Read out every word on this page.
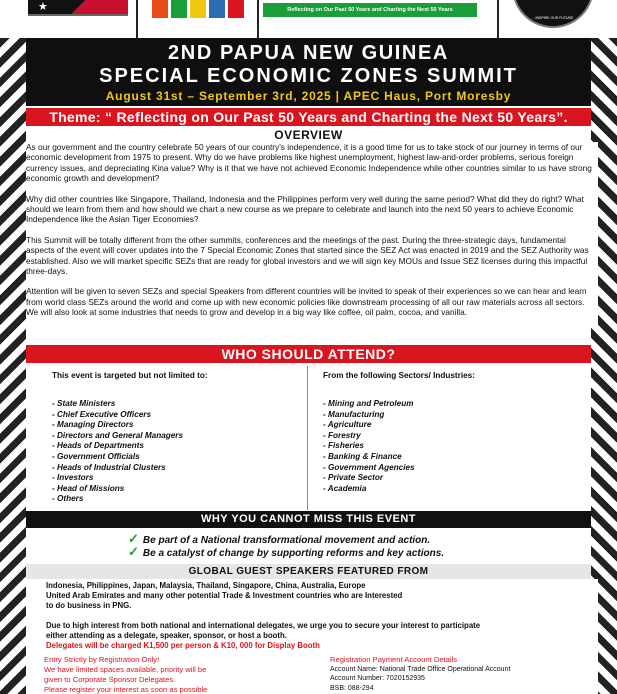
★	Reflecting on Our Past 50 Years and Charting the Next 50 Years
...INSPIRE OUR FUTURE
2ND PAPUA NEW GUINEA
SPECIAL ECONOMIC ZONES SUMMIT
August 31st – September 3rd, 2025 | APEC Haus, Port Moresby
Theme: “ Reflecting on Our Past 50 Years and Charting the Next 50 Years”.
OVERVIEW

As our government and the country celebrate 50 years of our country's independence, it is a good time for us to take stock of our journey in terms of our economic development from 1975 to present. Why do we have problems like highest unemployment, highest law-and-order problems, serious foreign currency issues, and depreciating Kina value? Why is it that we have not achieved Economic Independence while other countries similar to us have strong economic growth and development?

Why did other countries like Singapore, Thailand, Indonesia and the Philippines perform very well during the same period? What did they do right? What should we learn from them and how should we chart a new course as we prepare to celebrate and launch into the next 50 years to achieve Economic Independence like the Asian Tiger Economies?

This Summit will be totally different from the other summits, conferences and the meetings of the past. During the three-strategic days, fundamental aspects of the event will cover updates into the 7 Special Economic Zones that started since the SEZ Act was enacted in 2019 and the SEZ Authority was established. Also we will market specific SEZs that are ready for global investors and we will sign key MOUs and Issue SEZ licenses during this impactful three-days.

Attention will be given to seven SEZs and special Speakers from different countries will be invited to speak of their experiences so we can hear and learn from world class SEZs around the world and come up with new economic policies like downstream processing of all our raw materials across all sectors. We will also look at some industries that needs to grow and develop in a big way like coffee, oil palm, cocoa, and vanilla.

WHO SHOULD ATTEND?
This event is targeted but not limited to:
- State Ministers
- Chief Executive Officers
- Managing Directors
- Directors and General Managers
- Heads of Departments
- Government Officials
- Heads of Industrial Clusters
- Investors
- Head of Missions
- Others
From the following Sectors/ Industries:
- Mining and Petroleum
- Manufacturing
- Agriculture
- Forestry
- Fisheries
- Banking & Finance
- Government Agencies
- Private Sector
- Academia
WHY YOU CANNOT MISS THIS EVENT
✓ Be part of a National transformational movement and action.
✓ Be a catalyst of change by supporting reforms and key actions.
GLOBAL GUEST SPEAKERS FEATURED FROM
Indonesia, Philippines, Japan, Malaysia, Thailand, Singapore, China, Australia, Europe
United Arab Emirates and many other potential Trade & Investment countries who are Interested
to do business in PNG.
Due to high interest from both national and international delegates, we urge you to secure your interest to participate
either attending as a delegate, speaker, sponsor, or host a booth.
Delegates will be charged K1,500 per person & K10, 000 for Display Booth
Entry Strictly by Registration Only!
We have limited spaces available, priority will be
given to Corporate Sponsor Delegates.
Please register your interest as soon as possible
Registration Payment Account Details
Account Name: National Trade Office Operational Account
Account Number: 7020152935
BSB: 088-294
